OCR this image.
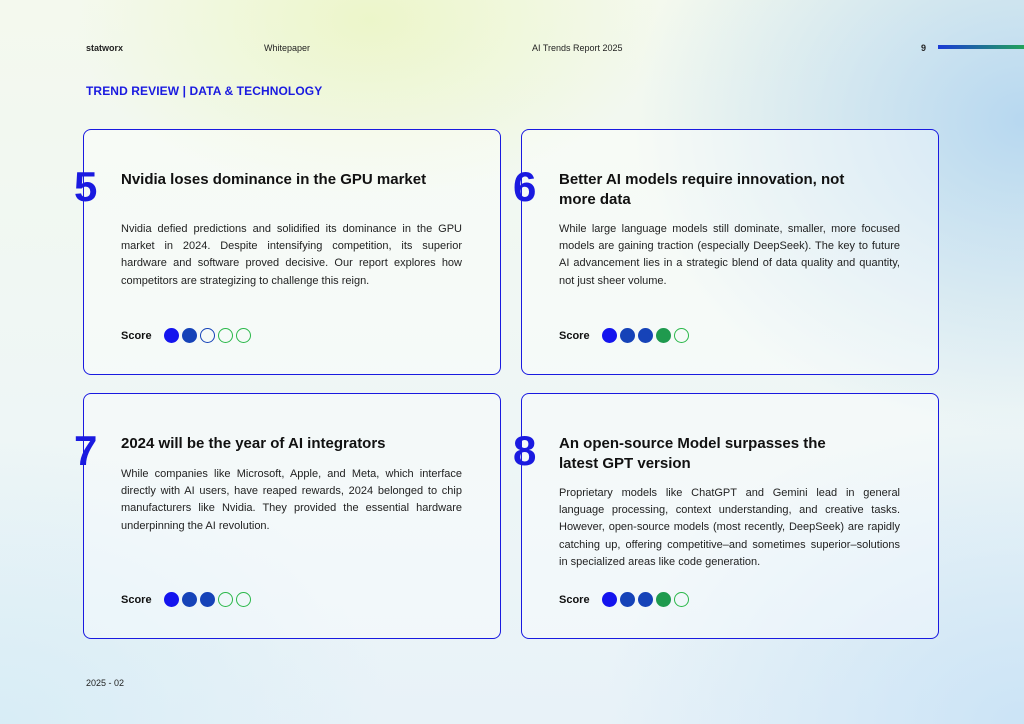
statworx	Whitepaper	AI Trends Report 2025	9
TREND REVIEW | DATA & TECHNOLOGY
5 Nvidia loses dominance in the GPU market
Nvidia defied predictions and solidified its dominance in the GPU market in 2024. Despite intensifying competition, its superior hardware and software proved decisive. Our report explores how competitors are strategizing to challenge this reign.
Score
6 Better AI models require innovation, not more data
While large language models still dominate, smaller, more focused models are gaining traction (especially DeepSeek). The key to future AI advancement lies in a strategic blend of data quality and quantity, not just sheer volume.
Score
7 2024 will be the year of AI integrators
While companies like Microsoft, Apple, and Meta, which interface directly with AI users, have reaped rewards, 2024 belonged to chip manufacturers like Nvidia. They provided the essential hardware underpinning the AI revolution.
Score
8 An open-source Model surpasses the latest GPT version
Proprietary models like ChatGPT and Gemini lead in general language processing, context understanding, and creative tasks. However, open-source models (most recently, DeepSeek) are rapidly catching up, offering competitive–and sometimes superior–solutions in specialized areas like code generation.
Score
2025 - 02
